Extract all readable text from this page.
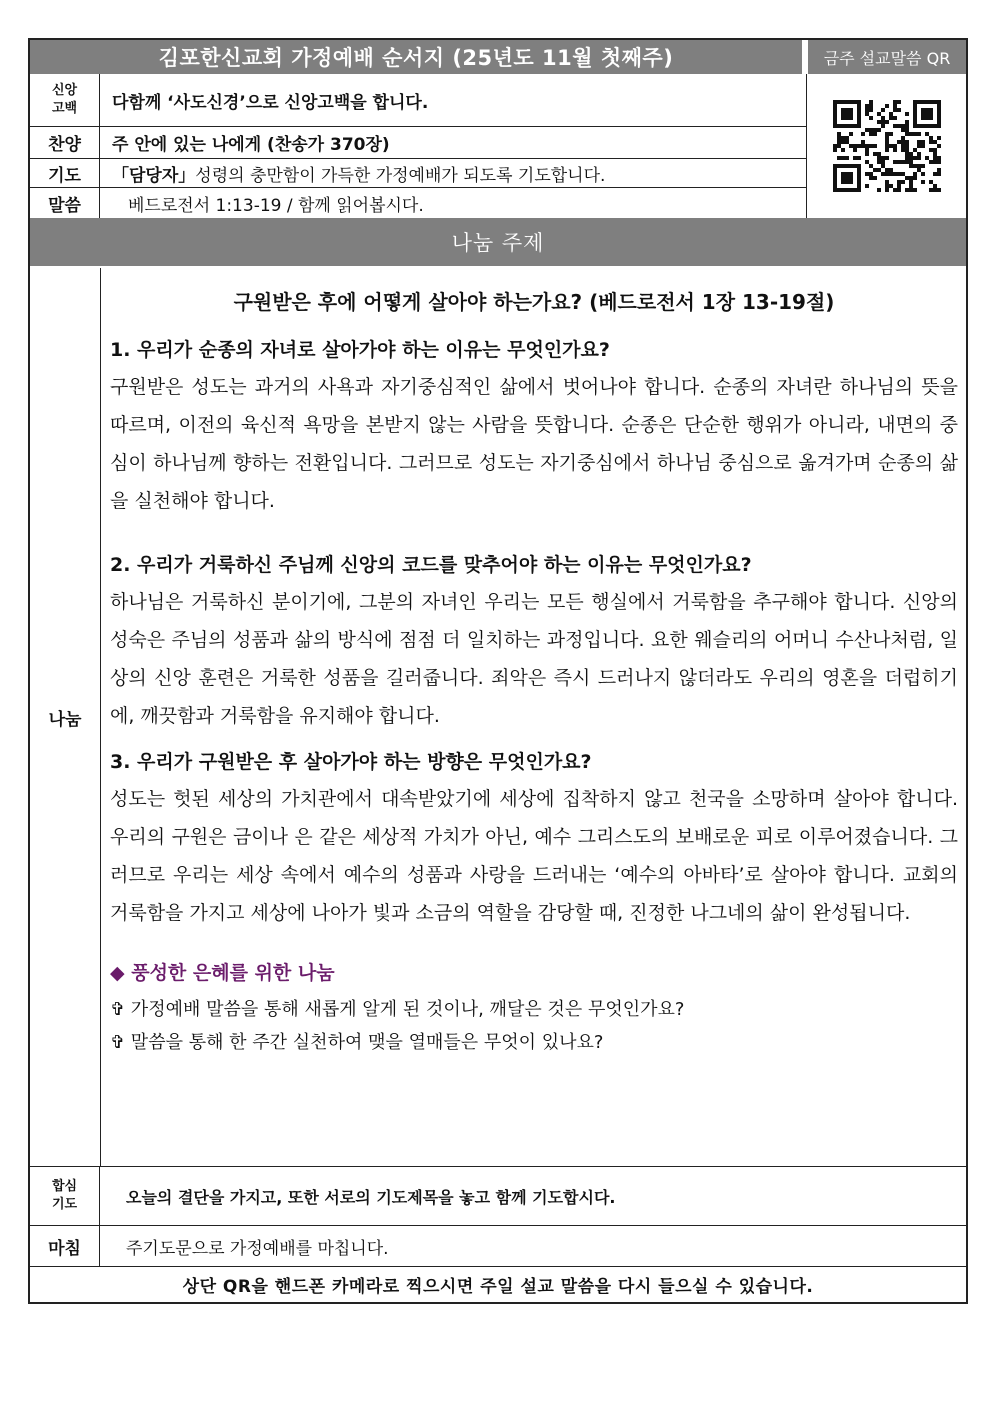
김포한신교회 가정예배 순서지 (25년도 11월 첫째주)	금주 설교말씀 QR
신앙
고백	다함께 ‘사도신경’으로 신앙고백을 합니다.
찬양	주 안에 있는 나에게 (찬송가 370장)
기도	「담당자」 성령의 충만함이 가득한 가정예배가 되도록 기도합니다.
말씀	베드로전서 1:13-19 / 함께 읽어봅시다.
나눔 주제
나눔
구원받은 후에 어떻게 살아야 하는가요? (베드로전서 1장 13-19절)
1. 우리가 순종의 자녀로 살아가야 하는 이유는 무엇인가요?

구원받은 성도는 과거의 사욕과 자기중심적인 삶에서 벗어나야 합니다. 순종의 자녀란 하나님의 뜻을 따르며, 이전의 육신적 욕망을 본받지 않는 사람을 뜻합니다. 순종은 단순한 행위가 아니라, 내면의 중심이 하나님께 향하는 전환입니다. 그러므로 성도는 자기중심에서 하나님 중심으로 옮겨가며 순종의 삶을 실천해야 합니다.

2. 우리가 거룩하신 주님께 신앙의 코드를 맞추어야 하는 이유는 무엇인가요?

하나님은 거룩하신 분이기에, 그분의 자녀인 우리는 모든 행실에서 거룩함을 추구해야 합니다. 신앙의 성숙은 주님의 성품과 삶의 방식에 점점 더 일치하는 과정입니다. 요한 웨슬리의 어머니 수산나처럼, 일상의 신앙 훈련은 거룩한 성품을 길러줍니다. 죄악은 즉시 드러나지 않더라도 우리의 영혼을 더럽히기에, 깨끗함과 거룩함을 유지해야 합니다.

3. 우리가 구원받은 후 살아가야 하는 방향은 무엇인가요?

성도는 헛된 세상의 가치관에서 대속받았기에 세상에 집착하지 않고 천국을 소망하며 살아야 합니다. 우리의 구원은 금이나 은 같은 세상적 가치가 아닌, 예수 그리스도의 보배로운 피로 이루어졌습니다. 그러므로 우리는 세상 속에서 예수의 성품과 사랑을 드러내는 ‘예수의 아바타’로 살아야 합니다. 교회의 거룩함을 가지고 세상에 나아가 빛과 소금의 역할을 감당할 때, 진정한 나그네의 삶이 완성됩니다.

◆ 풍성한 은혜를 위한 나눔
✞ 가정예배 말씀을 통해 새롭게 알게 된 것이나, 깨달은 것은 무엇인가요?
✞ 말씀을 통해 한 주간 실천하여 맺을 열매들은 무엇이 있나요?
합심
기도	오늘의 결단을 가지고, 또한 서로의 기도제목을 놓고 함께 기도합시다.
마침	주기도문으로 가정예배를 마칩니다.
상단 QR을 핸드폰 카메라로 찍으시면 주일 설교 말씀을 다시 들으실 수 있습니다.
